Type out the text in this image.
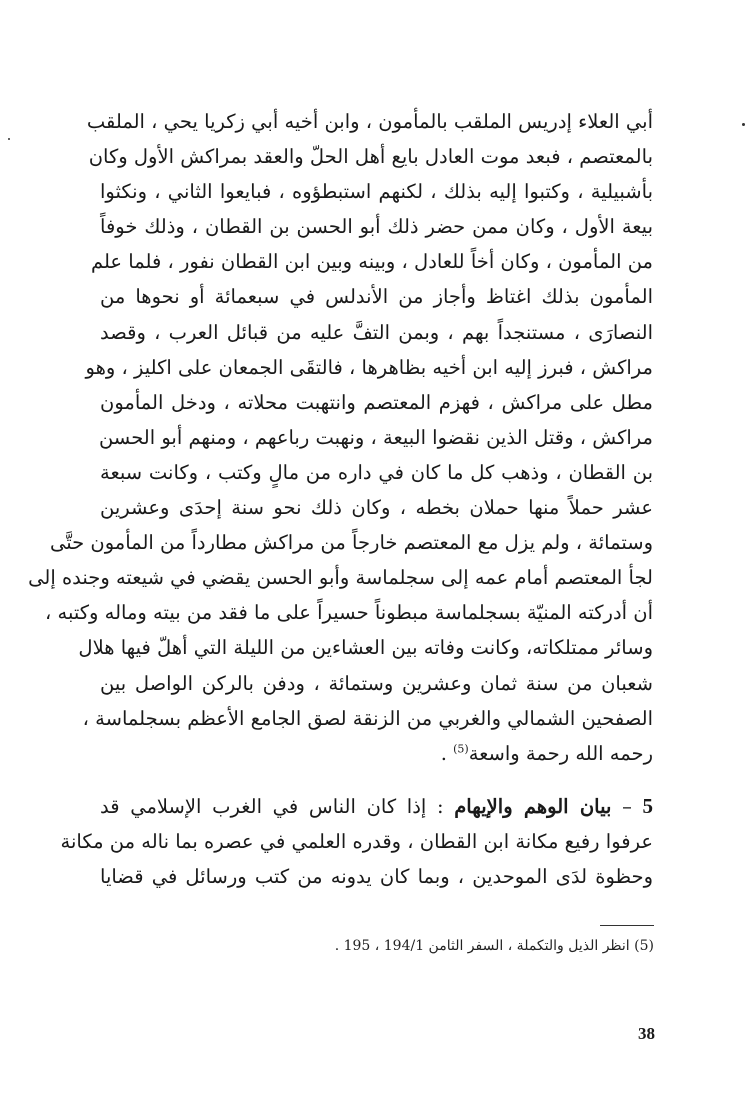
أبي العلاء إدريس الملقب بالمأمون ، وابن أخيه أبي زكريا يحي ، الملقب
بالمعتصم ، فبعد موت العادل بايع أهل الحلّ والعقد بمراكش الأول وكان
بأشبيلية ، وكتبوا إليه بذلك ، لكنهم استبطؤوه ، فبايعوا الثاني ، ونكثوا
بيعة الأول ، وكان ممن حضر ذلك أبو الحسن بن القطان ، وذلك خوفاً
من المأمون ، وكان أخاً للعادل ، وبينه وبين ابن القطان نفور ، فلما علم
المأمون بذلك اغتاظ وأجاز من الأندلس في سبعمائة أو نحوها من
النصارَى ، مستنجداً بهم ، وبمن التفَّ عليه من قبائل العرب ، وقصد
مراكش ، فبرز إليه ابن أخيه بظاهرها ، فالتقَى الجمعان على اكليز ، وهو
مطل على مراكش ، فهزم المعتصم وانتهبت محلاته ، ودخل المأمون
مراكش ، وقتل الذين نقضوا البيعة ، ونهبت رباعهم ، ومنهم أبو الحسن
بن القطان ، وذهب كل ما كان في داره من مالٍ وكتب ، وكانت سبعة
عشر حملاً منها حملان بخطه ، وكان ذلك نحو سنة إحدَى وعشرين
وستمائة ، ولم يزل مع المعتصم خارجاً من مراكش مطارداً من المأمون حتَّى
لجأ المعتصم أمام عمه إلى سجلماسة وأبو الحسن يقضي في شيعته وجنده إلى
أن أدركته المنيّة بسجلماسة مبطوناً حسيراً على ما فقد من بيته وماله وكتبه ،
وسائر ممتلكاته، وكانت وفاته بين العشاءين من الليلة التي أهلّ فيها هلال
شعبان من سنة ثمان وعشرين وستمائة ، ودفن بالركن الواصل بين
الصفحين الشمالي والغربي من الزنقة لصق الجامع الأعظم بسجلماسة ،
رحمه الله رحمة واسعة$^{(5)}$ .
5 – بيان الوهم والإيهام : إذا كان الناس في الغرب الإسلامي قد
عرفوا رفيع مكانة ابن القطان ، وقدره العلمي في عصره بما ناله من مكانة
وحظوة لدَى الموحدين ، وبما كان يدونه من كتب ورسائل في قضايا
(5) انظر الذيل والتكملة ، السفر الثامن 194/1 ، 195 .
38
